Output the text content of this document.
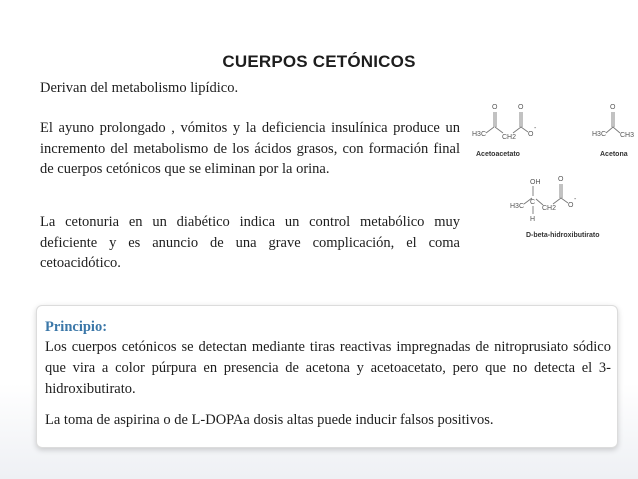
CUERPOS CETÓNICOS

Derivan del metabolismo lipídico.

El ayuno prolongado , vómitos y la deficiencia insulínica produce un incremento del metabolismo de los ácidos grasos, con formación final de cuerpos cetónicos que se eliminan por la orina.

La cetonuria en un diabético indica un control metabólico muy deficiente y es anuncio de una grave complicación, el coma cetoacidótico.

H3C
O
CH2
O
O
-
Acetoacetato
H3C
O
CH3
Acetona
H3C
OH
C
H
CH2
O
O
-
D-beta-hidroxibutirato

Principio:

Los cuerpos cetónicos se detectan mediante tiras reactivas impregnadas de nitroprusiato sódico que vira a color púrpura en presencia de acetona y acetoacetato, pero que no detecta el 3-hidroxibutirato.

La toma de aspirina o de L-DOPAa dosis altas puede inducir falsos positivos.
